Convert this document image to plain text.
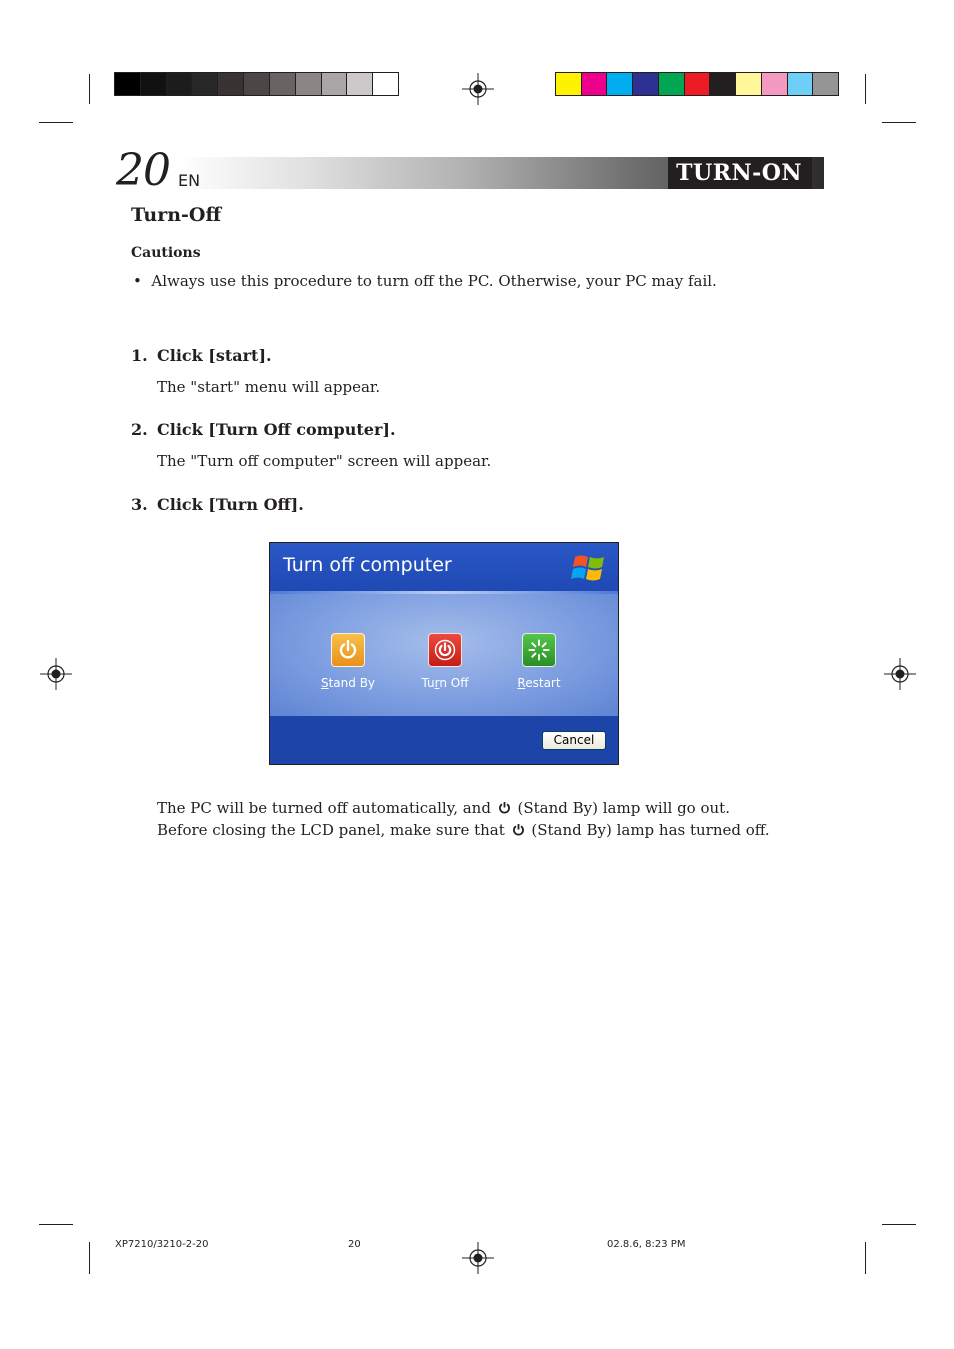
20	TURN-ON
EN
Turn-Off
Cautions
•  Always use this procedure to turn off the PC. Otherwise, your PC may fail.
1. Click [start].
The "start" menu will appear.
2. Click [Turn Off computer].
The "Turn off computer" screen will appear.
3. Click [Turn Off].
Turn off computer
Stand By	Turn Off	Restart
Cancel
The PC will be turned off automatically, and (Stand By) lamp will go out.
Before closing the LCD panel, make sure that (Stand By) lamp has turned off.
XP7210/3210-2-20	20	02.8.6, 8:23 PM
